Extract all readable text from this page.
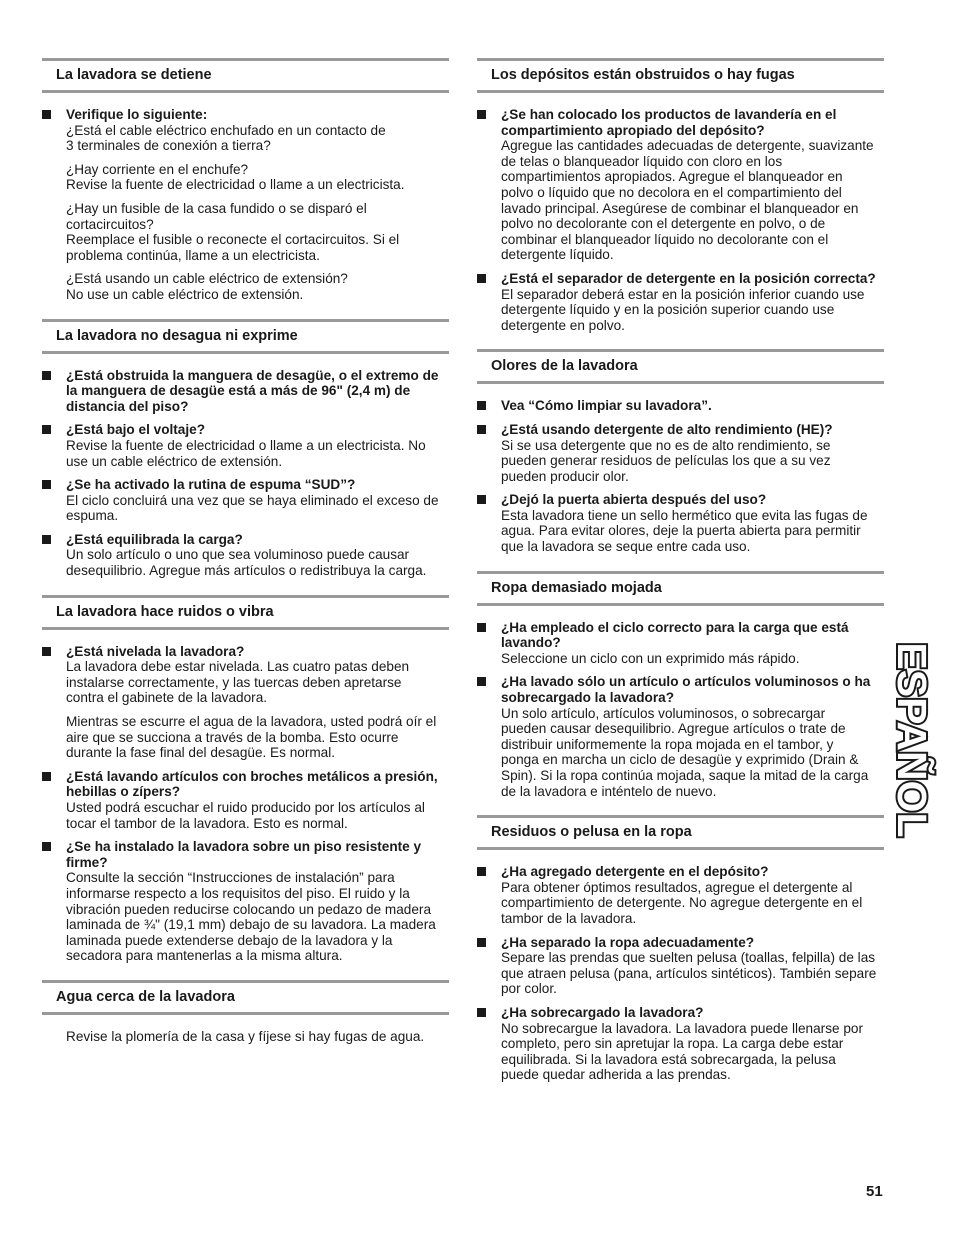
La lavadora se detiene
Verifique lo siguiente:
¿Está el cable eléctrico enchufado en un contacto de
3 terminales de conexión a tierra?
¿Hay corriente en el enchufe?
Revise la fuente de electricidad o llame a un electricista.
¿Hay un fusible de la casa fundido o se disparó el
cortacircuitos?
Reemplace el fusible o reconecte el cortacircuitos. Si el
problema continúa, llame a un electricista.
¿Está usando un cable eléctrico de extensión?
No use un cable eléctrico de extensión.
La lavadora no desagua ni exprime
¿Está obstruida la manguera de desagüe, o el extremo de la manguera de desagüe está a más de 96" (2,4 m) de distancia del piso?
¿Está bajo el voltaje?
Revise la fuente de electricidad o llame a un electricista. No
use un cable eléctrico de extensión.
¿Se ha activado la rutina de espuma “SUD”?
El ciclo concluirá una vez que se haya eliminado el exceso de
espuma.
¿Está equilibrada la carga?
Un solo artículo o uno que sea voluminoso puede causar
desequilibrio. Agregue más artículos o redistribuya la carga.
La lavadora hace ruidos o vibra
¿Está nivelada la lavadora?
La lavadora debe estar nivelada. Las cuatro patas deben
instalarse correctamente, y las tuercas deben apretarse
contra el gabinete de la lavadora.
Mientras se escurre el agua de la lavadora, usted podrá oír el
aire que se succiona a través de la bomba. Esto ocurre
durante la fase final del desagüe. Es normal.
¿Está lavando artículos con broches metálicos a presión, hebillas o zípers?
Usted podrá escuchar el ruido producido por los artículos al
tocar el tambor de la lavadora. Esto es normal.
¿Se ha instalado la lavadora sobre un piso resistente y firme?
Consulte la sección “Instrucciones de instalación” para
informarse respecto a los requisitos del piso. El ruido y la
vibración pueden reducirse colocando un pedazo de madera
laminada de ¾" (19,1 mm) debajo de su lavadora. La madera
laminada puede extenderse debajo de la lavadora y la
secadora para mantenerlas a la misma altura.
Agua cerca de la lavadora
Revise la plomería de la casa y fíjese si hay fugas de agua.
Los depósitos están obstruidos o hay fugas
¿Se han colocado los productos de lavandería en el compartimiento apropiado del depósito?
Agregue las cantidades adecuadas de detergente, suavizante
de telas o blanqueador líquido con cloro en los
compartimientos apropiados. Agregue el blanqueador en
polvo o líquido que no decolora en el compartimiento del
lavado principal. Asegúrese de combinar el blanqueador en
polvo no decolorante con el detergente en polvo, o de
combinar el blanqueador líquido no decolorante con el
detergente líquido.
¿Está el separador de detergente en la posición correcta?
El separador deberá estar en la posición inferior cuando use
detergente líquido y en la posición superior cuando use
detergente en polvo.
Olores de la lavadora
Vea “Cómo limpiar su lavadora”.
¿Está usando detergente de alto rendimiento (HE)?
Si se usa detergente que no es de alto rendimiento, se
pueden generar residuos de películas los que a su vez
pueden producir olor.
¿Dejó la puerta abierta después del uso?
Esta lavadora tiene un sello hermético que evita las fugas de
agua. Para evitar olores, deje la puerta abierta para permitir
que la lavadora se seque entre cada uso.
Ropa demasiado mojada
¿Ha empleado el ciclo correcto para la carga que está lavando?
Seleccione un ciclo con un exprimido más rápido.
¿Ha lavado sólo un artículo o artículos voluminosos o ha sobrecargado la lavadora?
Un solo artículo, artículos voluminosos, o sobrecargar
pueden causar desequilibrio. Agregue artículos o trate de
distribuir uniformemente la ropa mojada en el tambor, y
ponga en marcha un ciclo de desagüe y exprimido (Drain &
Spin). Si la ropa continúa mojada, saque la mitad de la carga
de la lavadora e inténtelo de nuevo.
Residuos o pelusa en la ropa
¿Ha agregado detergente en el depósito?
Para obtener óptimos resultados, agregue el detergente al
compartimiento de detergente. No agregue detergente en el
tambor de la lavadora.
¿Ha separado la ropa adecuadamente?
Separe las prendas que suelten pelusa (toallas, felpilla) de las
que atraen pelusa (pana, artículos sintéticos). También separe
por color.
¿Ha sobrecargado la lavadora?
No sobrecargue la lavadora. La lavadora puede llenarse por
completo, pero sin apretujar la ropa. La carga debe estar
equilibrada. Si la lavadora está sobrecargada, la pelusa
puede quedar adherida a las prendas.
ESPAÑOL
51
